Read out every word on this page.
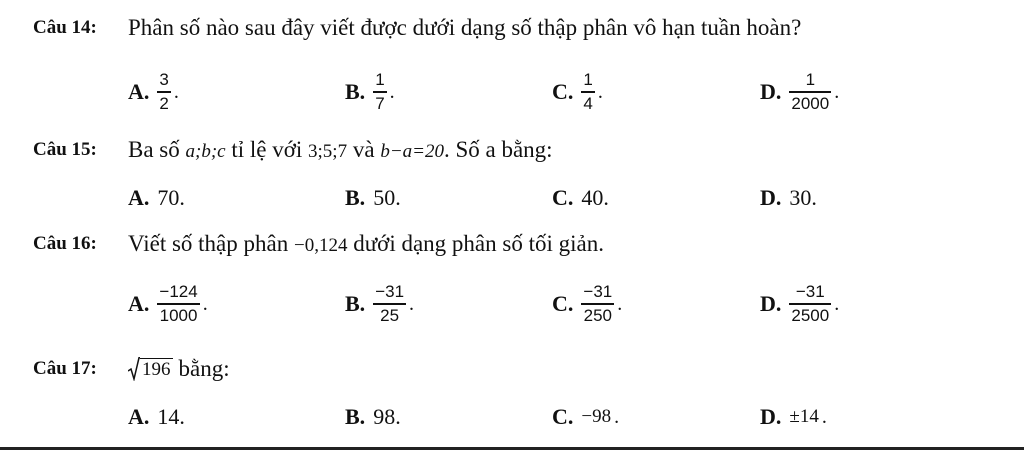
Câu 14:	Phân số nào sau đây viết được dưới dạng số thập phân vô hạn tuần hoàn?
A. $\frac{3}{2}$ .	B. $\frac{1}{7}$ .	C. $\frac{1}{4}$ .	D. $\frac{1}{2000}$ .
Câu 15:	Ba số a;b;c tỉ lệ với 3;5;7 và b−a=20. Số a bằng:
A. 70.	B. 50.	C. 40.	D. 30.
Câu 16:	Viết số thập phân −0,124 dưới dạng phân số tối giản.
A. $\frac{-124}{1000}$ .	B. $\frac{-31}{25}$ .	C. $\frac{-31}{250}$ .	D. $\frac{-31}{2500}$ .
Câu 17:	196 bằng:
A. 14.	B. 98.	C. −98 .	D. ±14 .
